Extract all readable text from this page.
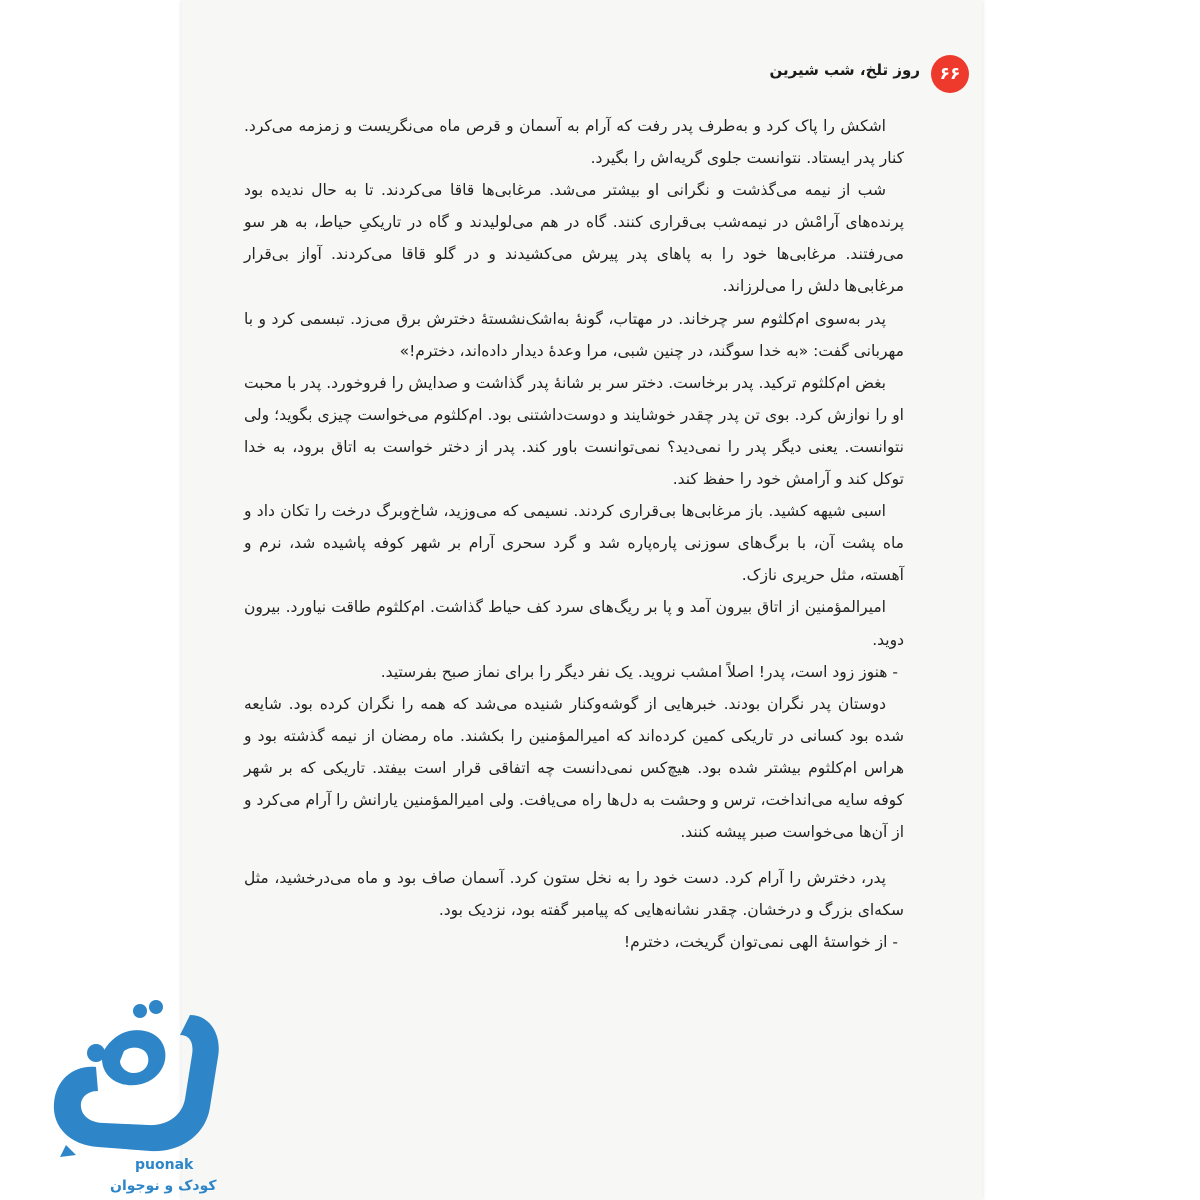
روز تلخ، شب شیرین	۶۶

اشکش را پاک کرد و به‌طرف پدر رفت که آرام به آسمان و قرص ماه می‌نگریست و زمزمه می‌کرد. کنار پدر ایستاد. نتوانست جلوی گریه‌اش را بگیرد.

شب از نیمه می‌گذشت و نگرانی او بیشتر می‌شد. مرغابی‌ها قاقا می‌کردند. تا به حال ندیده بود پرنده‌های آرامْش در نیمه‌شب بی‌قراری کنند. گاه در هم می‌لولیدند و گاه در تاریکیِ حیاط، به هر سو می‌رفتند. مرغابی‌ها خود را به پاهای پدر پیرش می‌کشیدند و در گلو قاقا می‌کردند. آواز بی‌قرار مرغابی‌ها دلش را می‌لرزاند.

پدر به‌سوی ام‌کلثوم سر چرخاند. در مهتاب، گونهٔ به‌اشک‌نشستهٔ دخترش برق می‌زد. تبسمی کرد و با مهربانی گفت: «به خدا سوگند، در چنین شبی، مرا وعدهٔ دیدار داده‌اند، دخترم!»

بغض ام‌کلثوم ترکید. پدر برخاست. دختر سر بر شانهٔ پدر گذاشت و صدایش را فروخورد. پدر با محبت او را نوازش کرد. بوی تن پدر چقدر خوشایند و دوست‌داشتنی بود. ام‌کلثوم می‌خواست چیزی بگوید؛ ولی نتوانست. یعنی دیگر پدر را نمی‌دید؟ نمی‌توانست باور کند. پدر از دختر خواست به اتاق برود، به خدا توکل کند و آرامش خود را حفظ کند.

اسبی شیهه کشید. باز مرغابی‌ها بی‌قراری کردند. نسیمی که می‌وزید، شاخ‌وبرگ درخت را تکان داد و ماه پشت آن، با برگ‌های سوزنی پاره‌پاره شد و گرد سحری آرام بر شهر کوفه پاشیده شد، نرم و آهسته، مثل حریری نازک.

امیرالمؤمنین از اتاق بیرون آمد و پا بر ریگ‌های سرد کف حیاط گذاشت. ام‌کلثوم طاقت نیاورد. بیرون دوید.

- هنوز زود است، پدر! اصلاً امشب نروید. یک نفر دیگر را برای نماز صبح بفرستید.

دوستان پدر نگران بودند. خبرهایی از گوشه‌وکنار شنیده می‌شد که همه را نگران کرده بود. شایعه شده بود کسانی در تاریکی کمین کرده‌اند که امیرالمؤمنین را بکشند. ماه رمضان از نیمه گذشته بود و هراس ام‌کلثوم بیشتر شده بود. هیچ‌کس نمی‌دانست چه اتفاقی قرار است بیفتد. تاریکی که بر شهر کوفه سایه می‌انداخت، ترس و وحشت به دل‌ها راه می‌یافت. ولی امیرالمؤمنین یارانش را آرام می‌کرد و از آن‌ها می‌خواست صبر پیشه کنند.

پدر، دخترش را آرام کرد. دست خود را به نخل ستون کرد. آسمان صاف بود و ماه می‌درخشید، مثل سکه‌ای بزرگ و درخشان. چقدر نشانه‌هایی که پیامبر گفته بود، نزدیک بود.

- از خواستهٔ الهی نمی‌توان گریخت، دخترم!

puonak
کودک و نوجوان
